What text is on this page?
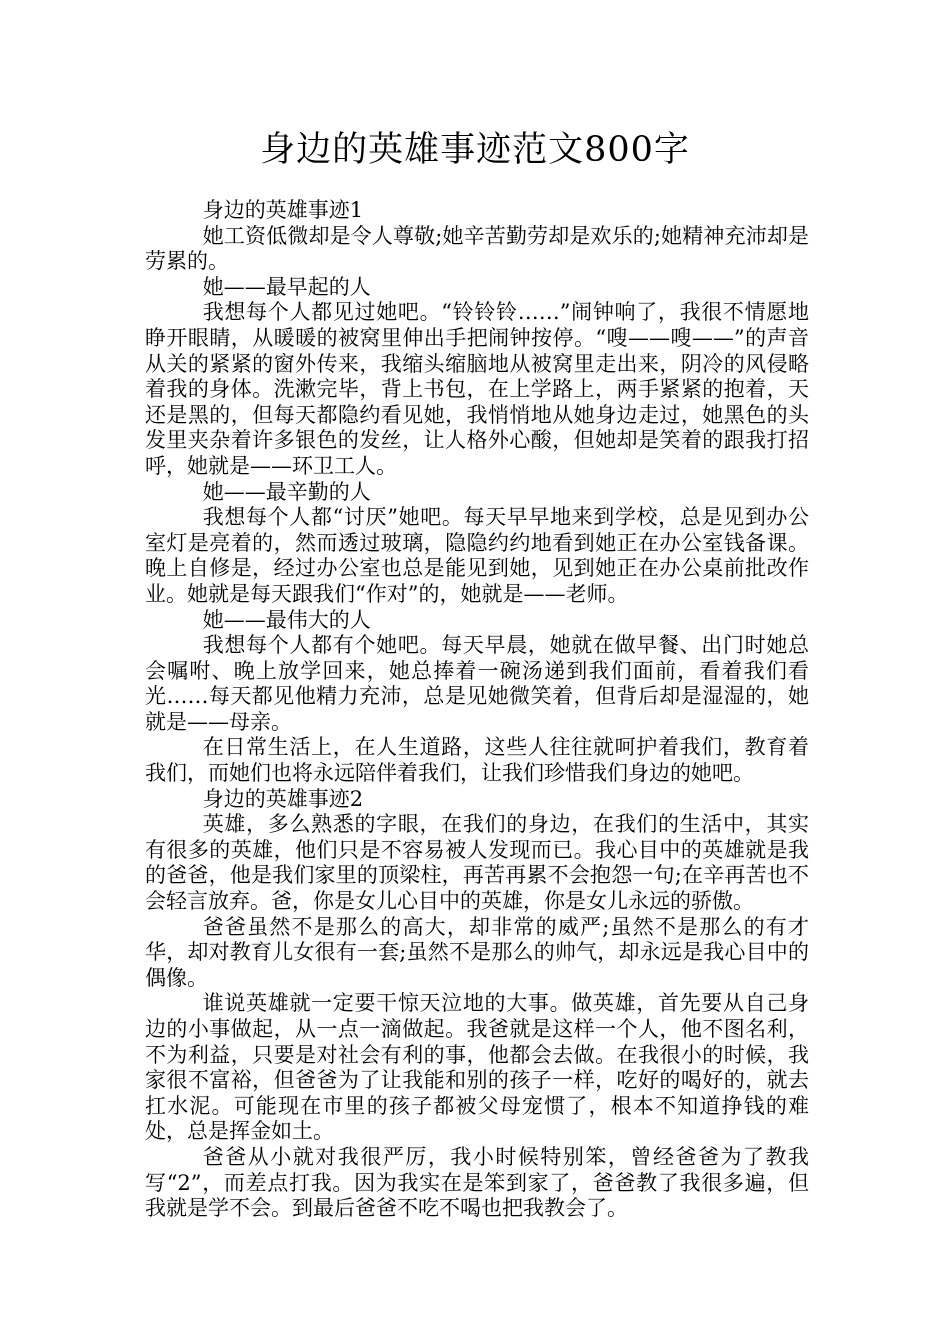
身边的英雄事迹范文800字

身边的英雄事迹1

她工资低微却是令人尊敬;她辛苦勤劳却是欢乐的;她精神充沛却是劳累的。

她——最早起的人

我想每个人都见过她吧。“铃铃铃……”闹钟响了，我很不情愿地睁开眼睛，从暖暖的被窝里伸出手把闹钟按停。“嗖——嗖——”的声音从关的紧紧的窗外传来，我缩头缩脑地从被窝里走出来，阴冷的风侵略着我的身体。洗漱完毕，背上书包，在上学路上，两手紧紧的抱着，天还是黑的，但每天都隐约看见她，我悄悄地从她身边走过，她黑色的头发里夹杂着许多银色的发丝，让人格外心酸，但她却是笑着的跟我打招呼，她就是——环卫工人。

她——最辛勤的人

我想每个人都“讨厌”她吧。每天早早地来到学校，总是见到办公室灯是亮着的，然而透过玻璃，隐隐约约地看到她正在办公室钱备课。晚上自修是，经过办公室也总是能见到她，见到她正在办公桌前批改作业。她就是每天跟我们“作对”的，她就是——老师。

她——最伟大的人

我想每个人都有个她吧。每天早晨，她就在做早餐、出门时她总会嘱咐、晚上放学回来，她总捧着一碗汤递到我们面前，看着我们看光……每天都见他精力充沛，总是见她微笑着，但背后却是湿湿的，她就是——母亲。

在日常生活上，在人生道路，这些人往往就呵护着我们，教育着我们，而她们也将永远陪伴着我们，让我们珍惜我们身边的她吧。

身边的英雄事迹2

英雄，多么熟悉的字眼，在我们的身边，在我们的生活中，其实有很多的英雄，他们只是不容易被人发现而已。我心目中的英雄就是我的爸爸，他是我们家里的顶梁柱，再苦再累不会抱怨一句;在辛再苦也不会轻言放弃。爸，你是女儿心目中的英雄，你是女儿永远的骄傲。

爸爸虽然不是那么的高大，却非常的威严;虽然不是那么的有才华，却对教育儿女很有一套;虽然不是那么的帅气，却永远是我心目中的偶像。

谁说英雄就一定要干惊天泣地的大事。做英雄，首先要从自己身边的小事做起，从一点一滴做起。我爸就是这样一个人，他不图名利，不为利益，只要是对社会有利的事，他都会去做。在我很小的时候，我家很不富裕，但爸爸为了让我能和别的孩子一样，吃好的喝好的，就去扛水泥。可能现在市里的孩子都被父母宠惯了，根本不知道挣钱的难处，总是挥金如土。

爸爸从小就对我很严厉，我小时候特别笨，曾经爸爸为了教我写“2”，而差点打我。因为我实在是笨到家了，爸爸教了我很多遍，但我就是学不会。到最后爸爸不吃不喝也把我教会了。
